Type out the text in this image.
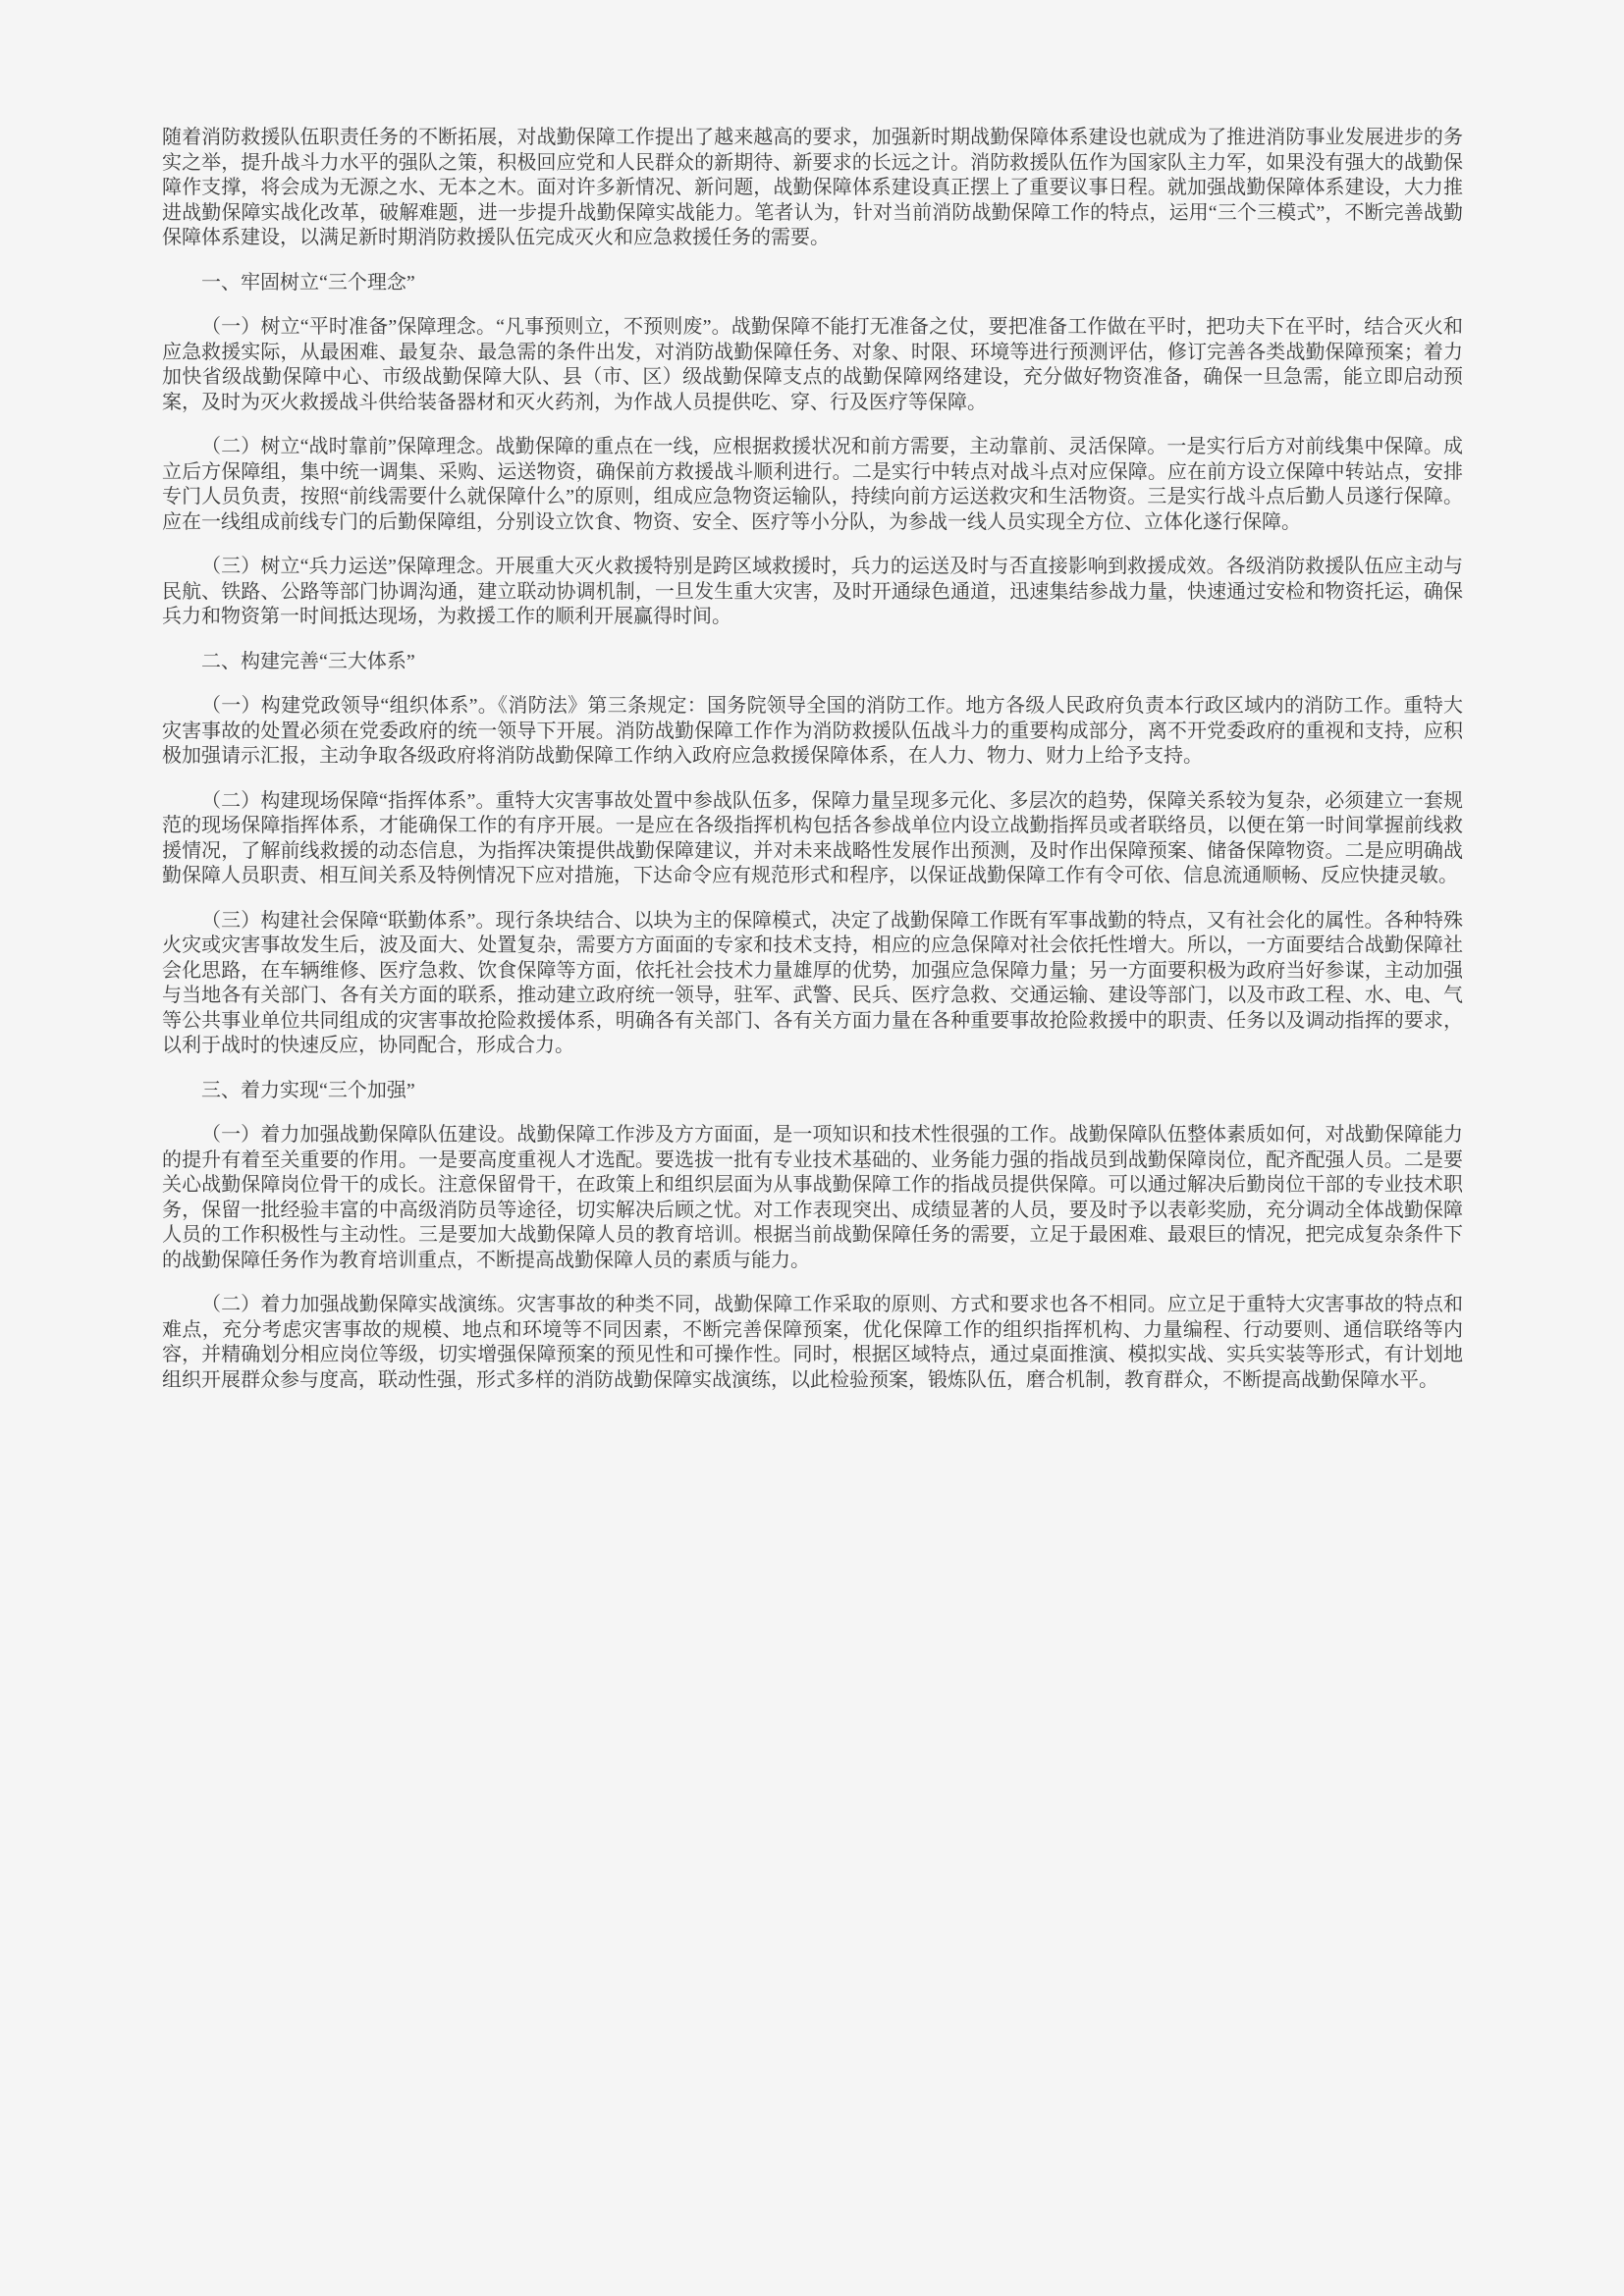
随着消防救援队伍职责任务的不断拓展，对战勤保障工作提出了越来越高的要求，加强新时期战勤保障体系建设也就成为了推进消防事业发展进步的务实之举，提升战斗力水平的强队之策，积极回应党和人民群众的新期待、新要求的长远之计。消防救援队伍作为国家队主力军，如果没有强大的战勤保障作支撑，将会成为无源之水、无本之木。面对许多新情况、新问题，战勤保障体系建设真正摆上了重要议事日程。就加强战勤保障体系建设，大力推进战勤保障实战化改革，破解难题，进一步提升战勤保障实战能力。笔者认为，针对当前消防战勤保障工作的特点，运用“三个三模式”，不断完善战勤保障体系建设，以满足新时期消防救援队伍完成灭火和应急救援任务的需要。

一、牢固树立“三个理念”

（一）树立“平时准备”保障理念。“凡事预则立，不预则废”。战勤保障不能打无准备之仗，要把准备工作做在平时，把功夫下在平时，结合灭火和应急救援实际，从最困难、最复杂、最急需的条件出发，对消防战勤保障任务、对象、时限、环境等进行预测评估，修订完善各类战勤保障预案；着力加快省级战勤保障中心、市级战勤保障大队、县（市、区）级战勤保障支点的战勤保障网络建设，充分做好物资准备，确保一旦急需，能立即启动预案，及时为灭火救援战斗供给装备器材和灭火药剂，为作战人员提供吃、穿、行及医疗等保障。

（二）树立“战时靠前”保障理念。战勤保障的重点在一线，应根据救援状况和前方需要，主动靠前、灵活保障。一是实行后方对前线集中保障。成立后方保障组，集中统一调集、采购、运送物资，确保前方救援战斗顺利进行。二是实行中转点对战斗点对应保障。应在前方设立保障中转站点，安排专门人员负责，按照“前线需要什么就保障什么”的原则，组成应急物资运输队，持续向前方运送救灾和生活物资。三是实行战斗点后勤人员遂行保障。应在一线组成前线专门的后勤保障组，分别设立饮食、物资、安全、医疗等小分队，为参战一线人员实现全方位、立体化遂行保障。

（三）树立“兵力运送”保障理念。开展重大灭火救援特别是跨区域救援时，兵力的运送及时与否直接影响到救援成效。各级消防救援队伍应主动与民航、铁路、公路等部门协调沟通，建立联动协调机制，一旦发生重大灾害，及时开通绿色通道，迅速集结参战力量，快速通过安检和物资托运，确保兵力和物资第一时间抵达现场，为救援工作的顺利开展赢得时间。

二、构建完善“三大体系”

（一）构建党政领导“组织体系”。《消防法》第三条规定：国务院领导全国的消防工作。地方各级人民政府负责本行政区域内的消防工作。重特大灾害事故的处置必须在党委政府的统一领导下开展。消防战勤保障工作作为消防救援队伍战斗力的重要构成部分，离不开党委政府的重视和支持，应积极加强请示汇报，主动争取各级政府将消防战勤保障工作纳入政府应急救援保障体系，在人力、物力、财力上给予支持。

（二）构建现场保障“指挥体系”。重特大灾害事故处置中参战队伍多，保障力量呈现多元化、多层次的趋势，保障关系较为复杂，必须建立一套规范的现场保障指挥体系，才能确保工作的有序开展。一是应在各级指挥机构包括各参战单位内设立战勤指挥员或者联络员，以便在第一时间掌握前线救援情况，了解前线救援的动态信息，为指挥决策提供战勤保障建议，并对未来战略性发展作出预测，及时作出保障预案、储备保障物资。二是应明确战勤保障人员职责、相互间关系及特例情况下应对措施，下达命令应有规范形式和程序，以保证战勤保障工作有令可依、信息流通顺畅、反应快捷灵敏。

（三）构建社会保障“联勤体系”。现行条块结合、以块为主的保障模式，决定了战勤保障工作既有军事战勤的特点，又有社会化的属性。各种特殊火灾或灾害事故发生后，波及面大、处置复杂，需要方方面面的专家和技术支持，相应的应急保障对社会依托性增大。所以，一方面要结合战勤保障社会化思路，在车辆维修、医疗急救、饮食保障等方面，依托社会技术力量雄厚的优势，加强应急保障力量；另一方面要积极为政府当好参谋，主动加强与当地各有关部门、各有关方面的联系，推动建立政府统一领导，驻军、武警、民兵、医疗急救、交通运输、建设等部门，以及市政工程、水、电、气等公共事业单位共同组成的灾害事故抢险救援体系，明确各有关部门、各有关方面力量在各种重要事故抢险救援中的职责、任务以及调动指挥的要求，以利于战时的快速反应，协同配合，形成合力。

三、着力实现“三个加强”

（一）着力加强战勤保障队伍建设。战勤保障工作涉及方方面面，是一项知识和技术性很强的工作。战勤保障队伍整体素质如何，对战勤保障能力的提升有着至关重要的作用。一是要高度重视人才选配。要选拔一批有专业技术基础的、业务能力强的指战员到战勤保障岗位，配齐配强人员。二是要关心战勤保障岗位骨干的成长。注意保留骨干，在政策上和组织层面为从事战勤保障工作的指战员提供保障。可以通过解决后勤岗位干部的专业技术职务，保留一批经验丰富的中高级消防员等途径，切实解决后顾之忧。对工作表现突出、成绩显著的人员，要及时予以表彰奖励，充分调动全体战勤保障人员的工作积极性与主动性。三是要加大战勤保障人员的教育培训。根据当前战勤保障任务的需要，立足于最困难、最艰巨的情况，把完成复杂条件下的战勤保障任务作为教育培训重点，不断提高战勤保障人员的素质与能力。

（二）着力加强战勤保障实战演练。灾害事故的种类不同，战勤保障工作采取的原则、方式和要求也各不相同。应立足于重特大灾害事故的特点和难点，充分考虑灾害事故的规模、地点和环境等不同因素，不断完善保障预案，优化保障工作的组织指挥机构、力量编程、行动要则、通信联络等内容，并精确划分相应岗位等级，切实增强保障预案的预见性和可操作性。同时，根据区域特点，通过桌面推演、模拟实战、实兵实装等形式，有计划地组织开展群众参与度高，联动性强，形式多样的消防战勤保障实战演练，以此检验预案，锻炼队伍，磨合机制，教育群众，不断提高战勤保障水平。
